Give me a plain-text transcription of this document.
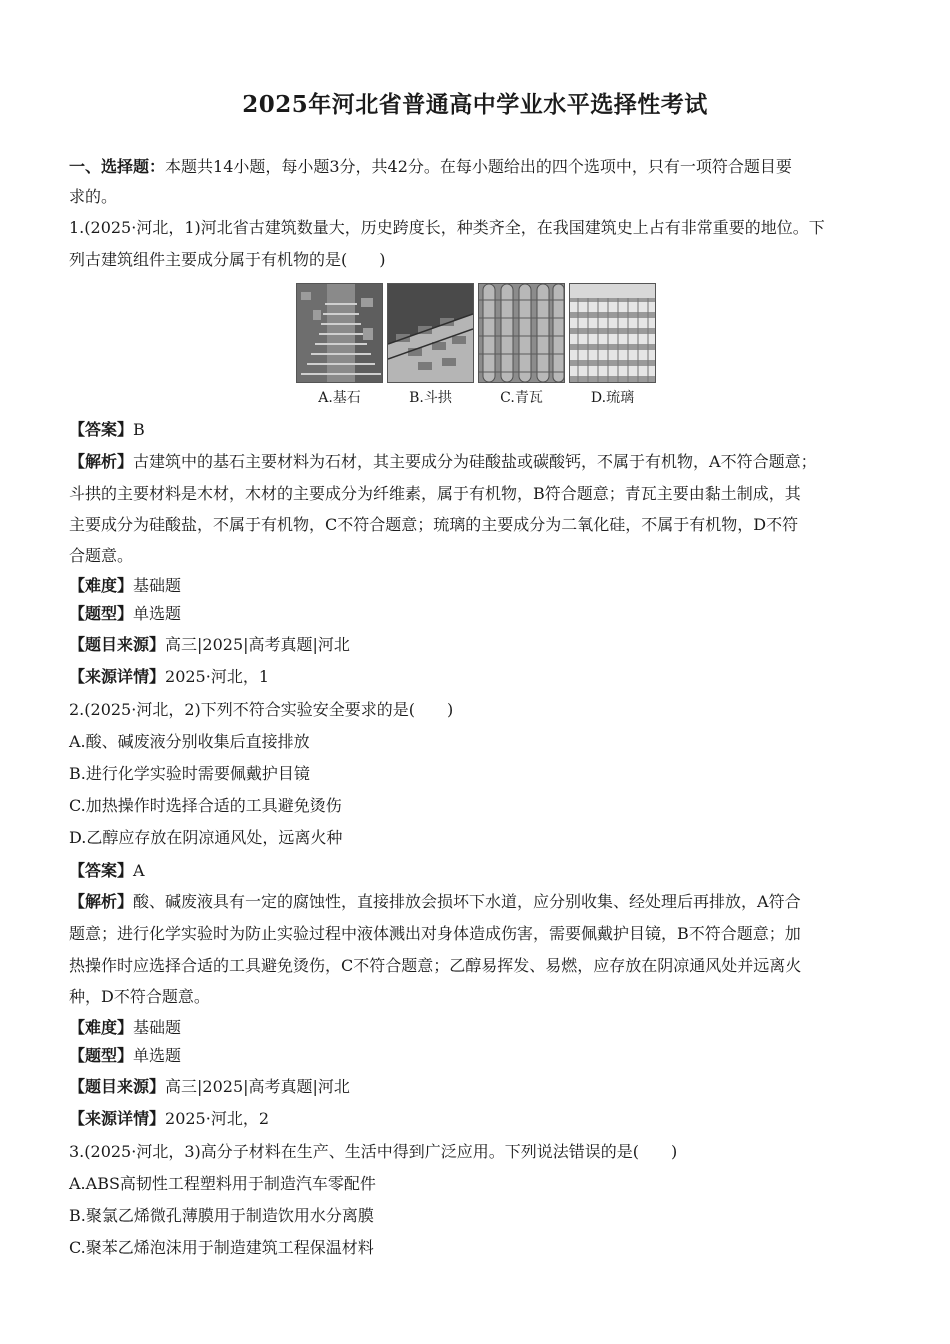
2025年河北省普通高中学业水平选择性考试
一、选择题：本题共14小题，每小题3分，共42分。在每小题给出的四个选项中，只有一项符合题目要
求的。
1.(2025·河北，1)河北省古建筑数量大，历史跨度长，种类齐全，在我国建筑史上占有非常重要的地位。下
列古建筑组件主要成分属于有机物的是(　　)
A.基石	B.斗拱	C.青瓦	D.琉璃
【答案】B
【解析】古建筑中的基石主要材料为石材，其主要成分为硅酸盐或碳酸钙，不属于有机物，A不符合题意；
斗拱的主要材料是木材，木材的主要成分为纤维素，属于有机物，B符合题意；青瓦主要由黏土制成，其
主要成分为硅酸盐，不属于有机物，C不符合题意；琉璃的主要成分为二氧化硅，不属于有机物，D不符
合题意。
【难度】基础题
【题型】单选题
【题目来源】高三|2025|高考真题|河北
【来源详情】2025·河北，1
2.(2025·河北，2)下列不符合实验安全要求的是(　　)
A.酸、碱废液分别收集后直接排放
B.进行化学实验时需要佩戴护目镜
C.加热操作时选择合适的工具避免烫伤
D.乙醇应存放在阴凉通风处，远离火种
【答案】A
【解析】酸、碱废液具有一定的腐蚀性，直接排放会损坏下水道，应分别收集、经处理后再排放，A符合
题意；进行化学实验时为防止实验过程中液体溅出对身体造成伤害，需要佩戴护目镜，B不符合题意；加
热操作时应选择合适的工具避免烫伤，C不符合题意；乙醇易挥发、易燃，应存放在阴凉通风处并远离火
种，D不符合题意。
【难度】基础题
【题型】单选题
【题目来源】高三|2025|高考真题|河北
【来源详情】2025·河北，2
3.(2025·河北，3)高分子材料在生产、生活中得到广泛应用。下列说法错误的是(　　)
A.ABS高韧性工程塑料用于制造汽车零配件
B.聚氯乙烯微孔薄膜用于制造饮用水分离膜
C.聚苯乙烯泡沫用于制造建筑工程保温材料
